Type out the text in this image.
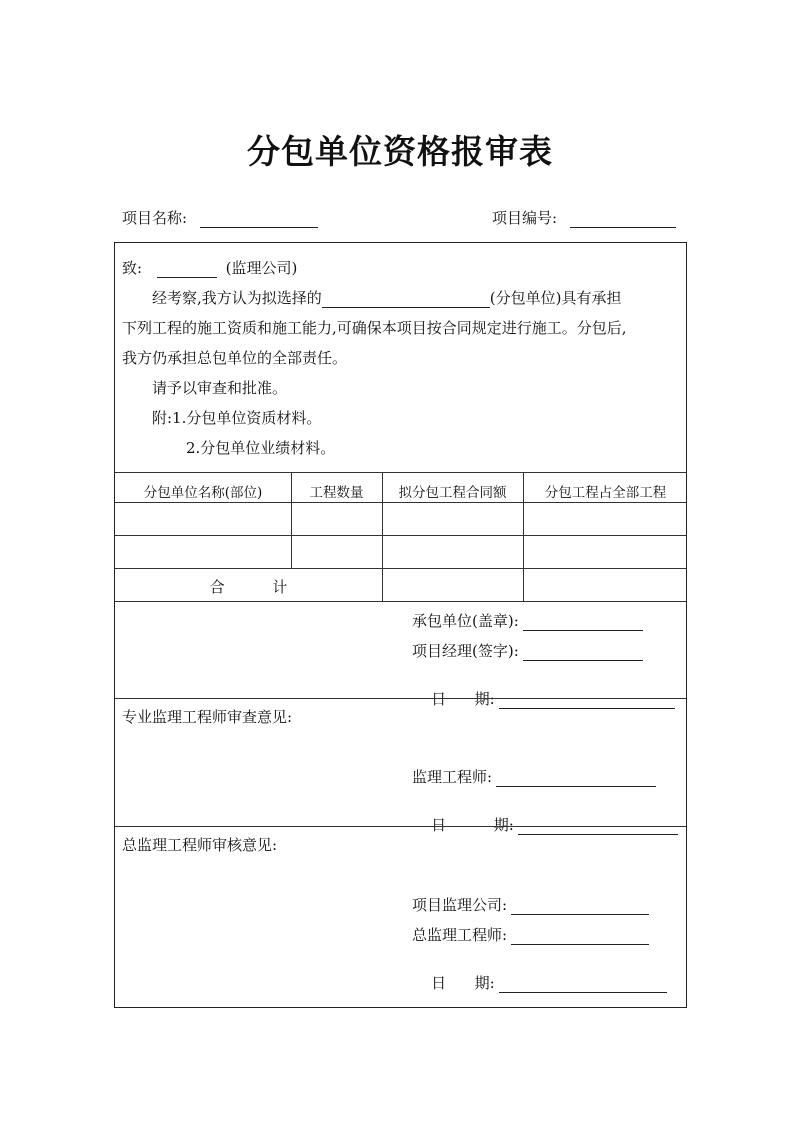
分包单位资格报审表
项目名称:	项目编号:
致:	(监理公司)
经考察,我方认为拟选择的	(分包单位)具有承担
下列工程的施工资质和施工能力,可确保本项目按合同规定进行施工。分包后,
我方仍承担总包单位的全部责任。
请予以审查和批准。
附:1.分包单位资质材料。
2.分包单位业绩材料。
分包单位名称(部位)	工程数量	拟分包工程合同额	分包工程占全部工程
合          计
承包单位(盖章):
项目经理(签字):

日      期:

专业监理工程师审查意见:
监理工程师:

日          期:

总监理工程师审核意见:
项目监理公司:
总监理工程师:

日      期:
